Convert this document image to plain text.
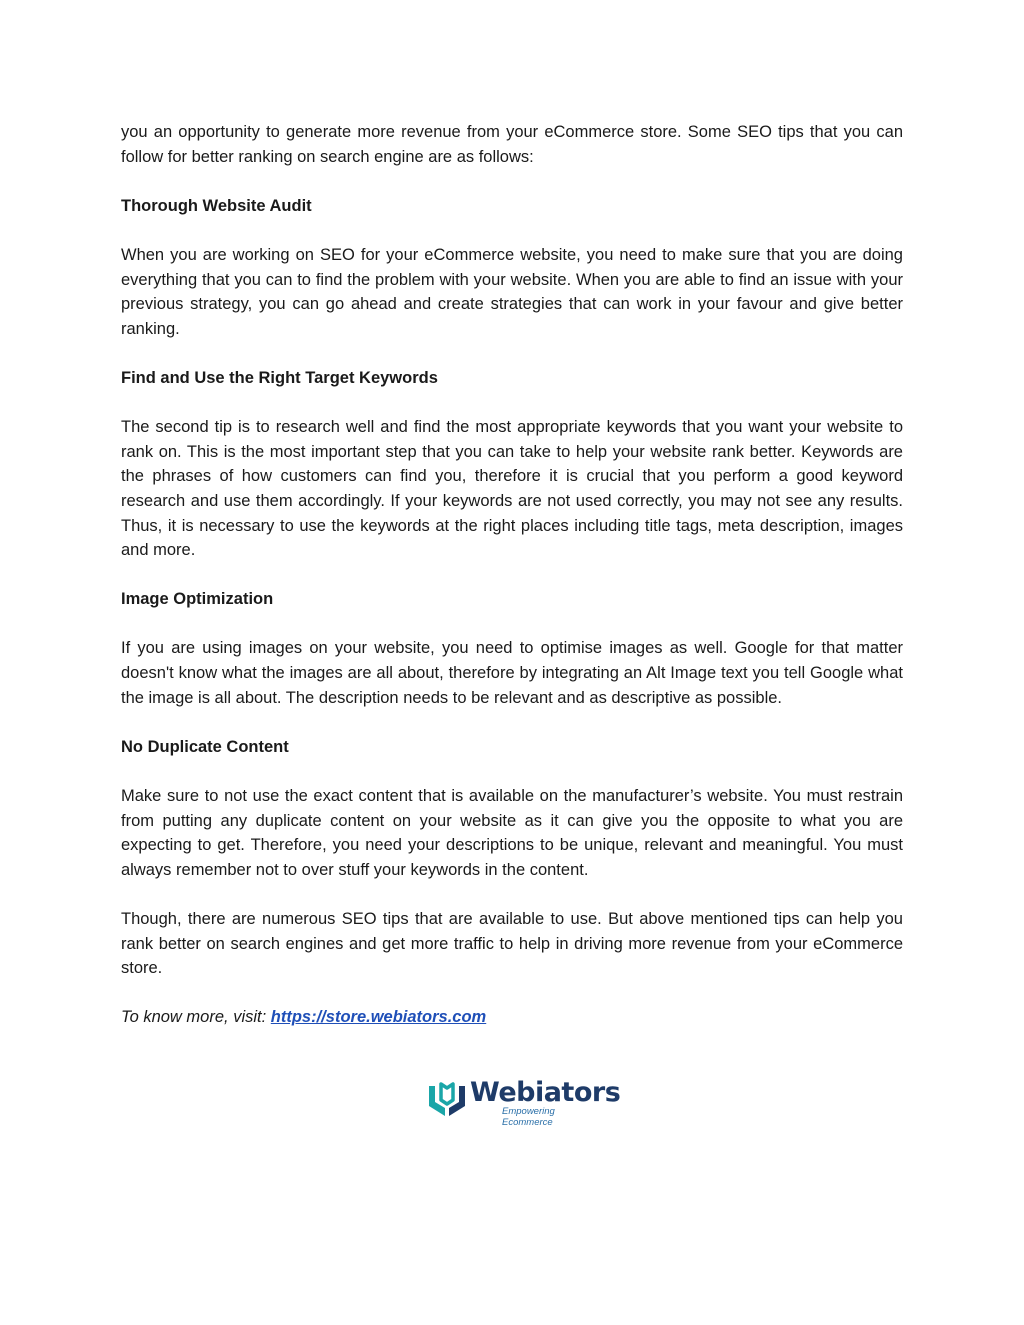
you an opportunity to generate more revenue from your eCommerce store. Some SEO tips that you can follow for better ranking on search engine are as follows:

Thorough Website Audit

When you are working on SEO for your eCommerce website, you need to make sure that you are doing everything that you can to find the problem with your website. When you are able to find an issue with your previous strategy, you can go ahead and create strategies that can work in your favour and give better ranking.

Find and Use the Right Target Keywords

The second tip is to research well and find the most appropriate keywords that you want your website to rank on. This is the most important step that you can take to help your website rank better. Keywords are the phrases of how customers can find you, therefore it is crucial that you perform a good keyword research and use them accordingly. If your keywords are not used correctly, you may not see any results. Thus, it is necessary to use the keywords at the right places including title tags, meta description, images and more.

Image Optimization

If you are using images on your website, you need to optimise images as well. Google for that matter doesn't know what the images are all about, therefore by integrating an Alt Image text you tell Google what the image is all about. The description needs to be relevant and as descriptive as possible.

No Duplicate Content

Make sure to not use the exact content that is available on the manufacturer’s website. You must restrain from putting any duplicate content on your website as it can give you the opposite to what you are expecting to get. Therefore, you need your descriptions to be unique, relevant and meaningful. You must always remember not to over stuff your keywords in the content.

Though, there are numerous SEO tips that are available to use. But above mentioned tips can help you rank better on search engines and get more traffic to help in driving more revenue from your eCommerce store.

To know more, visit: https://store.webiators.com

Webiators
Empowering Ecommerce
